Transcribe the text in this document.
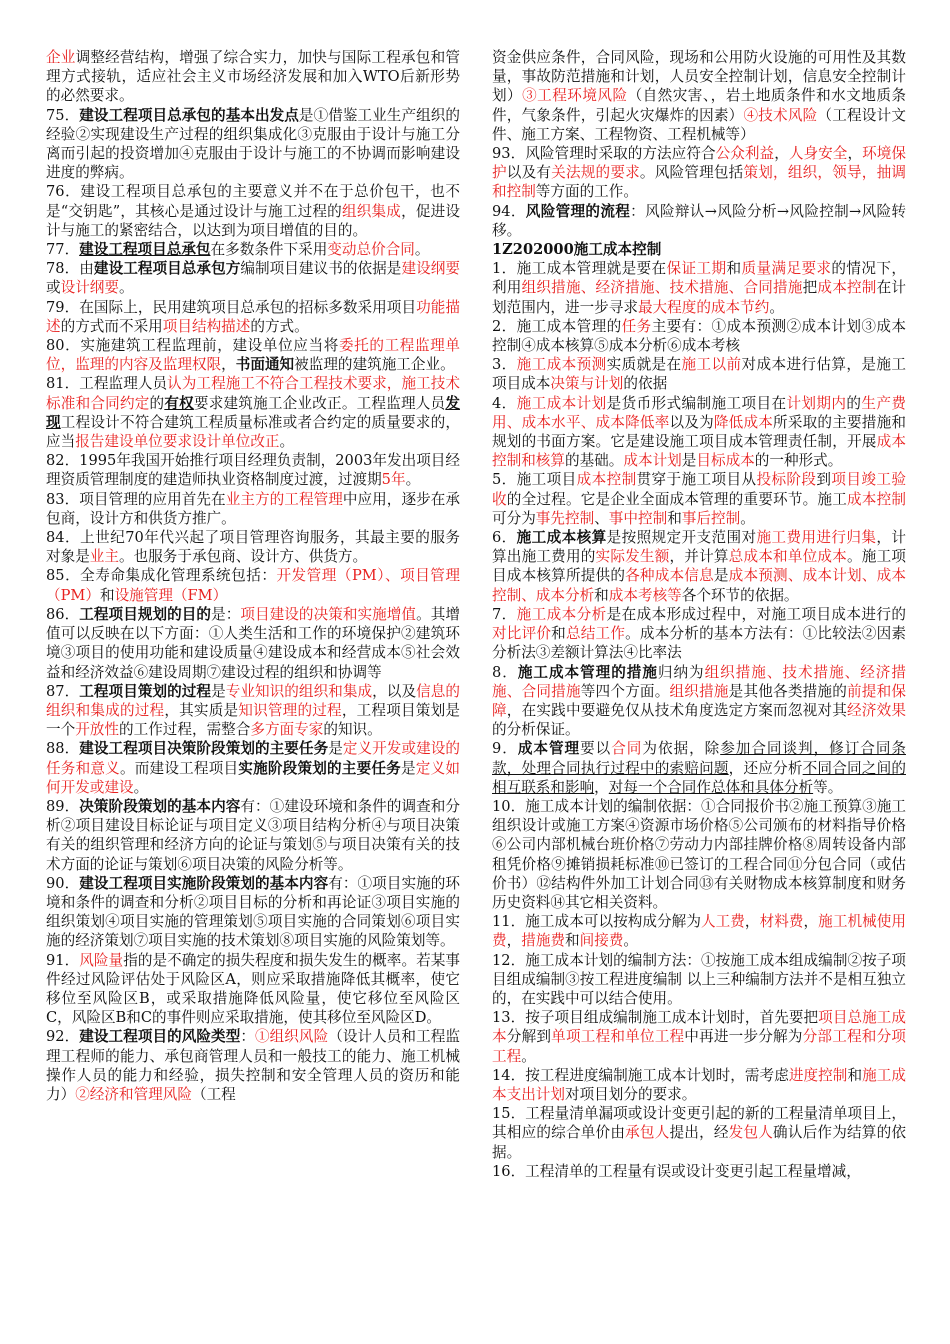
企业调整经营结构，增强了综合实力，加快与国际工程承包和管理方式接轨，适应社会主义市场经济发展和加入WTO后新形势的必然要求。

75．建设工程项目总承包的基本出发点是①借鉴工业生产组织的经验②实现建设生产过程的组织集成化③克服由于设计与施工分离而引起的投资增加④克服由于设计与施工的不协调而影响建设进度的弊病。

76．建设工程项目总承包的主要意义并不在于总价包干，也不是“交钥匙”，其核心是通过设计与施工过程的组织集成，促进设计与施工的紧密结合，以达到为项目增值的目的。

77．建设工程项目总承包在多数条件下采用变动总价合同。

78．由建设工程项目总承包方编制项目建议书的依据是建设纲要或设计纲要。

79．在国际上，民用建筑项目总承包的招标多数采用项目功能描述的方式而不采用项目结构描述的方式。

80．实施建筑工程监理前，建设单位应当将委托的工程监理单位，监理的内容及监理权限，书面通知被监理的建筑施工企业。

81．工程监理人员认为工程施工不符合工程技术要求，施工技术标准和合同约定的有权要求建筑施工企业改正。工程监理人员发现工程设计不符合建筑工程质量标准或者合约定的质量要求的，应当报告建设单位要求设计单位改正。

82．1995年我国开始推行项目经理负责制，2003年发出项目经理资质管理制度的建造师执业资格制度过渡，过渡期5年。

83．项目管理的应用首先在业主方的工程管理中应用，逐步在承包商，设计方和供货方推广。

84．上世纪70年代兴起了项目管理咨询服务，其最主要的服务对象是业主。也服务于承包商、设计方、供货方。

85．全寿命集成化管理系统包括：开发管理（PM）、项目管理（PM）和设施管理（FM）

86．工程项目规划的目的是：项目建设的决策和实施增值。其增值可以反映在以下方面：①人类生活和工作的环境保护②建筑环境③项目的使用功能和建设质量④建设成本和经营成本⑤社会效益和经济效益⑥建设周期⑦建设过程的组织和协调等

87．工程项目策划的过程是专业知识的组织和集成，以及信息的组织和集成的过程，其实质是知识管理的过程，工程项目策划是一个开放性的工作过程，需整合多方面专家的知识。

88．建设工程项目决策阶段策划的主要任务是定义开发或建设的任务和意义。而建设工程项目实施阶段策划的主要任务是定义如何开发或建设。

89．决策阶段策划的基本内容有：①建设环境和条件的调查和分析②项目建设目标论证与项目定义③项目结构分析④与项目决策有关的组织管理和经济方向的论证与策划⑤与项目决策有关的技术方面的论证与策划⑥项目决策的风险分析等。

90．建设工程项目实施阶段策划的基本内容有：①项目实施的环境和条件的调查和分析②项目目标的分析和再论证③项目实施的组织策划④项目实施的管理策划⑤项目实施的合同策划⑥项目实施的经济策划⑦项目实施的技术策划⑧项目实施的风险策划等。

91．风险量指的是不确定的损失程度和损失发生的概率。若某事件经过风险评估处于风险区A，则应采取措施降低其概率，使它移位至风险区B，或采取措施降低风险量，使它移位至风险区C，风险区B和C的事件则应采取措施，使其移位至风险区D。

92．建设工程项目的风险类型：①组织风险（设计人员和工程监理工程师的能力、承包商管理人员和一般技工的能力、施工机械操作人员的能力和经验，损失控制和安全管理人员的资历和能力）②经济和管理风险（工程

资金供应条件，合同风险，现场和公用防火设施的可用性及其数量，事故防范措施和计划，人员安全控制计划，信息安全控制计划）③工程环境风险（自然灾害、，岩土地质条件和水文地质条件，气象条件，引起火灾爆炸的因素）④技术风险（工程设计文件、施工方案、工程物资、工程机械等）

93．风险管理时采取的方法应符合公众利益，人身安全，环境保护以及有关法规的要求。风险管理包括策划，组织，领导，抽调和控制等方面的工作。

94．风险管理的流程：风险辩认→风险分析→风险控制→风险转移。

1Z202000施工成本控制

1．施工成本管理就是要在保证工期和质量满足要求的情况下，利用组织措施、经济措施、技术措施、合同措施把成本控制在计划范围内，进一步寻求最大程度的成本节约。

2．施工成本管理的任务主要有：①成本预测②成本计划③成本控制④成本核算⑤成本分析⑥成本考核

3．施工成本预测实质就是在施工以前对成本进行估算，是施工项目成本决策与计划的依据

4．施工成本计划是货币形式编制施工项目在计划期内的生产费用、成本水平、成本降低率以及为降低成本所采取的主要措施和规划的书面方案。它是建设施工项目成本管理责任制，开展成本控制和核算的基础。成本计划是目标成本的一种形式。

5．施工项目成本控制贯穿于施工项目从投标阶段到项目竣工验收的全过程。它是企业全面成本管理的重要环节。施工成本控制可分为事先控制、事中控制和事后控制。

6．施工成本核算是按照规定开支范围对施工费用进行归集，计算出施工费用的实际发生额，并计算总成本和单位成本。施工项目成本核算所提供的各种成本信息是成本预测、成本计划、成本控制、成本分析和成本考核等各个环节的依据。

7．施工成本分析是在成本形成过程中，对施工项目成本进行的对比评价和总结工作。成本分析的基本方法有：①比较法②因素分析法③差额计算法④比率法

8．施工成本管理的措施归纳为组织措施、技术措施、经济措施、合同措施等四个方面。组织措施是其他各类措施的前提和保障，在实践中要避免仅从技术角度选定方案而忽视对其经济效果的分析保证。

9．成本管理要以合同为依据，除参加合同谈判，修订合同条款，处理合同执行过程中的索赔问题，还应分析不同合同之间的相互联系和影响，对每一个合同作总体和具体分析等。

10．施工成本计划的编制依据：①合同报价书②施工预算③施工组织设计或施工方案④资源市场价格⑤公司颁布的材料指导价格⑥公司内部机械台班价格⑦劳动力内部挂牌价格⑧周转设备内部租凭价格⑨摊销损耗标准⑩已签订的工程合同⑪分包合同（或估价书）⑫结构件外加工计划合同⑬有关财物成本核算制度和财务历史资料⑭其它相关资料。

11．施工成本可以按构成分解为人工费，材料费，施工机械使用费，措施费和间接费。

12．施工成本计划的编制方法：①按施工成本组成编制②按子项目组成编制③按工程进度编制 以上三种编制方法并不是相互独立的，在实践中可以结合使用。

13．按子项目组成编制施工成本计划时，首先要把项目总施工成本分解到单项工程和单位工程中再进一步分解为分部工程和分项工程。

14．按工程进度编制施工成本计划时，需考虑进度控制和施工成本支出计划对项目划分的要求。

15．工程量清单漏项或设计变更引起的新的工程量清单项目上，其相应的综合单价由承包人提出，经发包人确认后作为结算的依据。

16．工程清单的工程量有误或设计变更引起工程量增减，
